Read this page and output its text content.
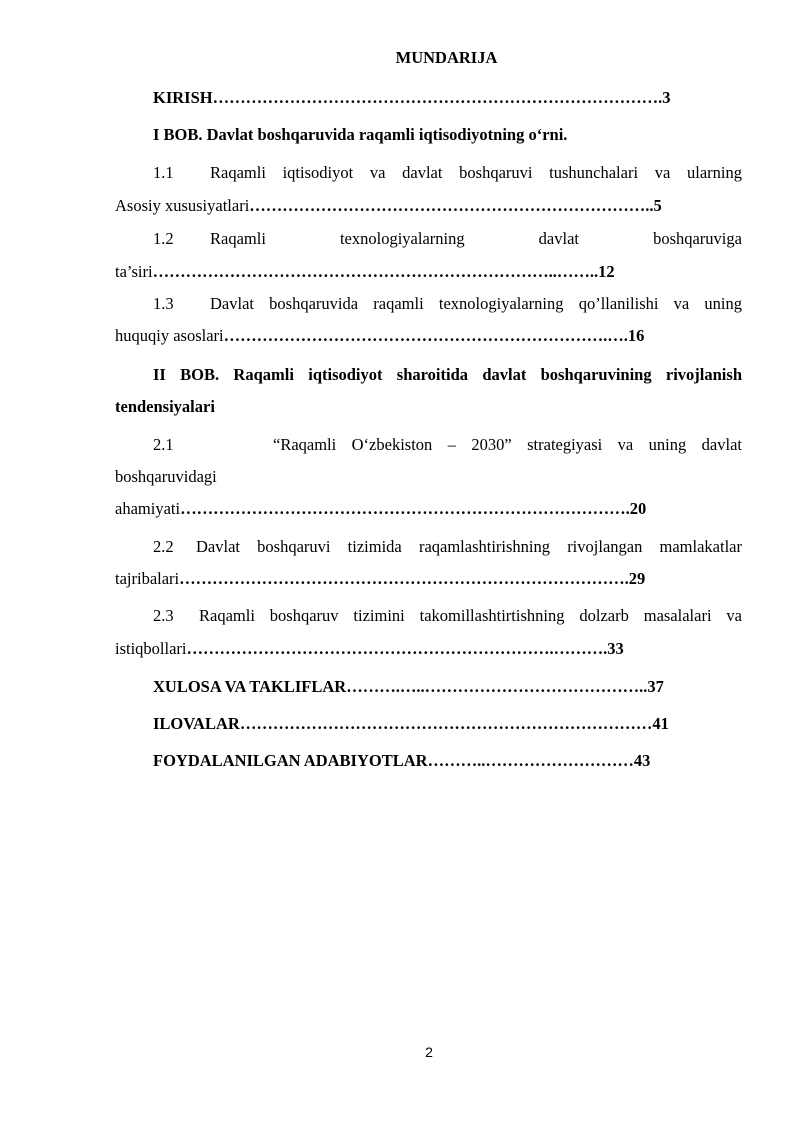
MUNDARIJA
KIRISH……………………………………………………………………….3
I BOB. Davlat boshqaruvida raqamli iqtisodiyotning o‘rni.
1.1 Raqamli iqtisodiyot va davlat boshqaruvi tushunchalari va ularning
Asosiy xususiyatlari………………………………………………………………..5
1.2	Raqamli	texnologiyalarning	davlat	boshqaruviga
ta’siri………………………………………………………………..……..12
1.3 Davlat boshqaruvida raqamli texnologiyalarning qo’llanilishi va uning
huquqiy asoslari…………………………………………………………….….16
II BOB. Raqamli iqtisodiyot sharoitida davlat boshqaruvining rivojlanish
tendensiyalari
2.1	“Raqamli O‘zbekiston – 2030” strategiyasi va uning davlat
boshqaruvidagi
ahamiyati……………………………………………………………………….20
2.2 Davlat boshqaruvi tizimida raqamlashtirishning rivojlangan mamlakatlar
tajribalari……………………………………………………………………….29
2.3 Raqamli boshqaruv tizimini takomillashtirtishning dolzarb masalalari va
istiqbollari………………………………………………………….……….33
XULOSA VA TAKLIFLAR……….…..…………………………………..37
ILOVALAR…………………………………………………………………41
FOYDALANILGAN ADABIYOTLAR………..………………………43
2
